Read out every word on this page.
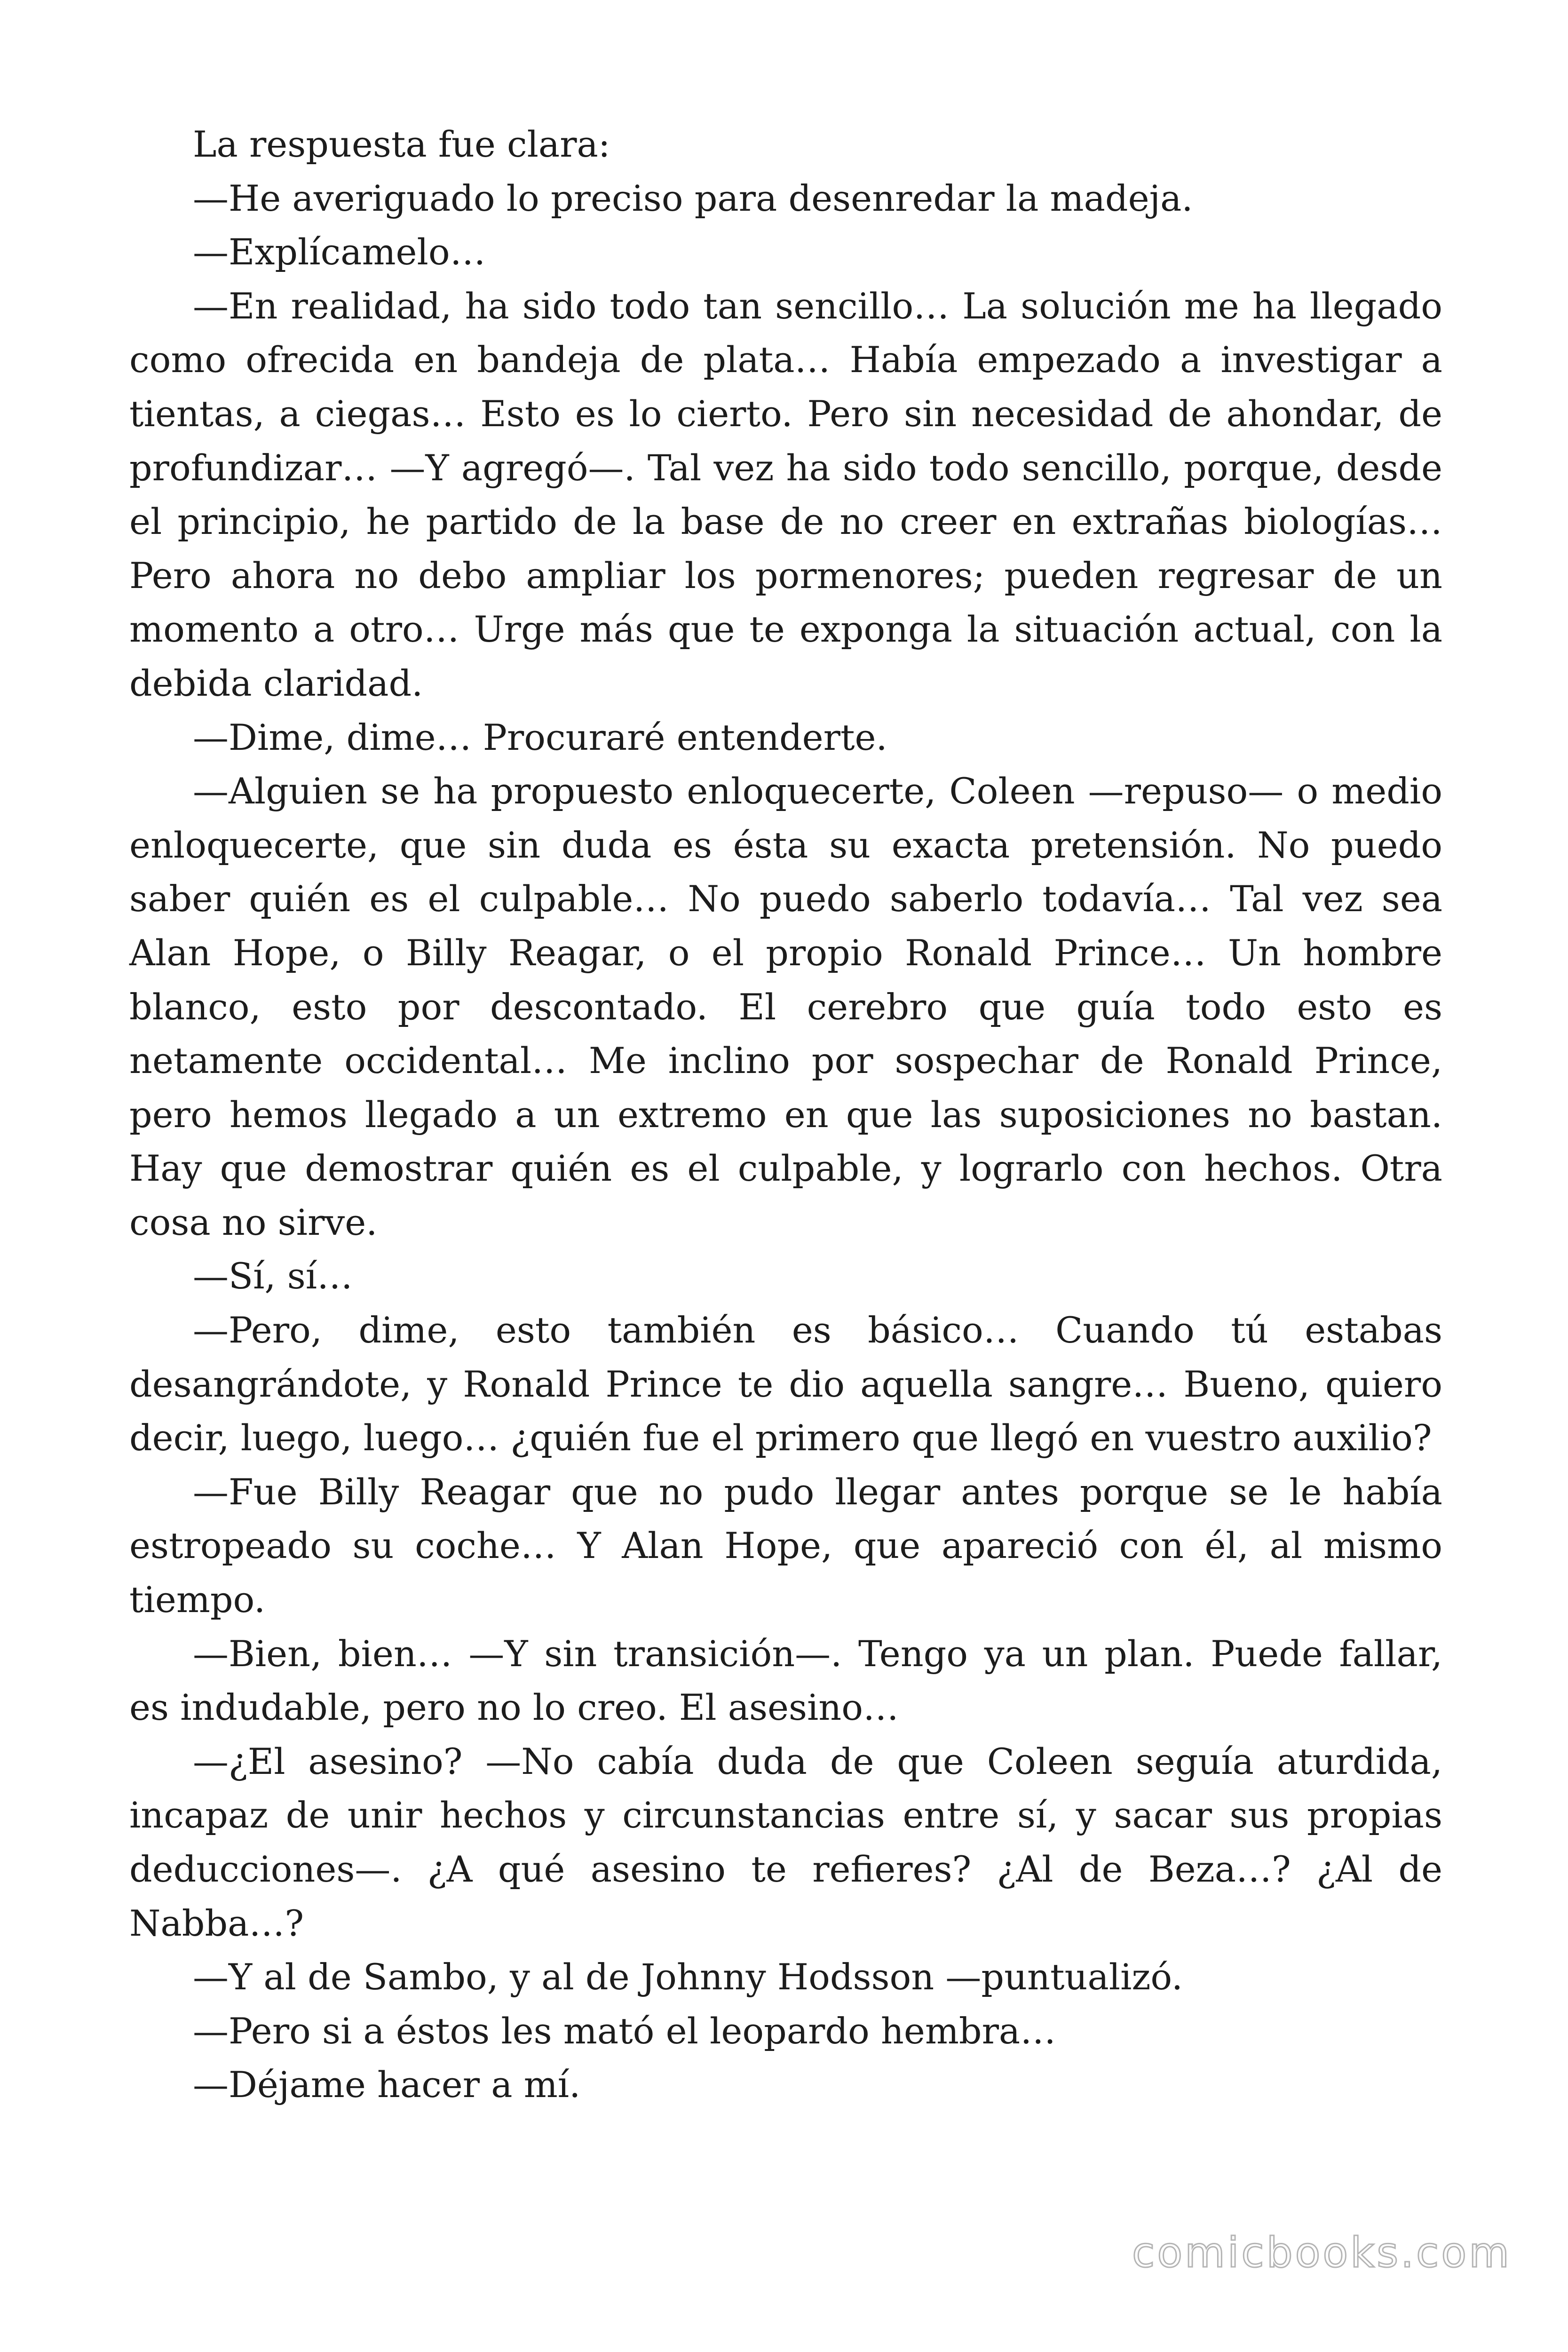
La respuesta fue clara:

—He averiguado lo preciso para desenredar la madeja.

—Explícamelo…

—En realidad, ha sido todo tan sencillo… La solución me ha llegado como ofrecida en bandeja de plata… Había empezado a investigar a tientas, a ciegas… Esto es lo cierto. Pero sin necesidad de ahondar, de profundizar… —Y agregó—. Tal vez ha sido todo sencillo, porque, desde el principio, he partido de la base de no creer en extrañas biologías… Pero ahora no debo ampliar los pormenores; pueden regresar de un momento a otro… Urge más que te exponga la situación actual, con la debida claridad.

—Dime, dime… Procuraré entenderte.

—Alguien se ha propuesto enloquecerte, Coleen —repuso— o medio enloquecerte, que sin duda es ésta su exacta pretensión. No puedo saber quién es el culpable… No puedo saberlo todavía… Tal vez sea Alan Hope, o Billy Reagar, o el propio Ronald Prince… Un hombre blanco, esto por descontado. El cerebro que guía todo esto es netamente occidental… Me inclino por sospechar de Ronald Prince, pero hemos llegado a un extremo en que las suposiciones no bastan. Hay que demostrar quién es el culpable, y lograrlo con hechos. Otra cosa no sirve.

—Sí, sí…

—Pero, dime, esto también es básico… Cuando tú estabas desangrándote, y Ronald Prince te dio aquella sangre… Bueno, quiero decir, luego, luego… ¿quién fue el primero que llegó en vuestro auxilio?

—Fue Billy Reagar que no pudo llegar antes porque se le había estropeado su coche… Y Alan Hope, que apareció con él, al mismo tiempo.

—Bien, bien… —Y sin transición—. Tengo ya un plan. Puede fallar, es indudable, pero no lo creo. El asesino…

—¿El asesino? —No cabía duda de que Coleen seguía aturdida, incapaz de unir hechos y circunstancias entre sí, y sacar sus propias deducciones—. ¿A qué asesino te refieres? ¿Al de Beza…? ¿Al de Nabba…?

—Y al de Sambo, y al de Johnny Hodsson —puntualizó.

—Pero si a éstos les mató el leopardo hembra…

—Déjame hacer a mí.

comicbooks.com
